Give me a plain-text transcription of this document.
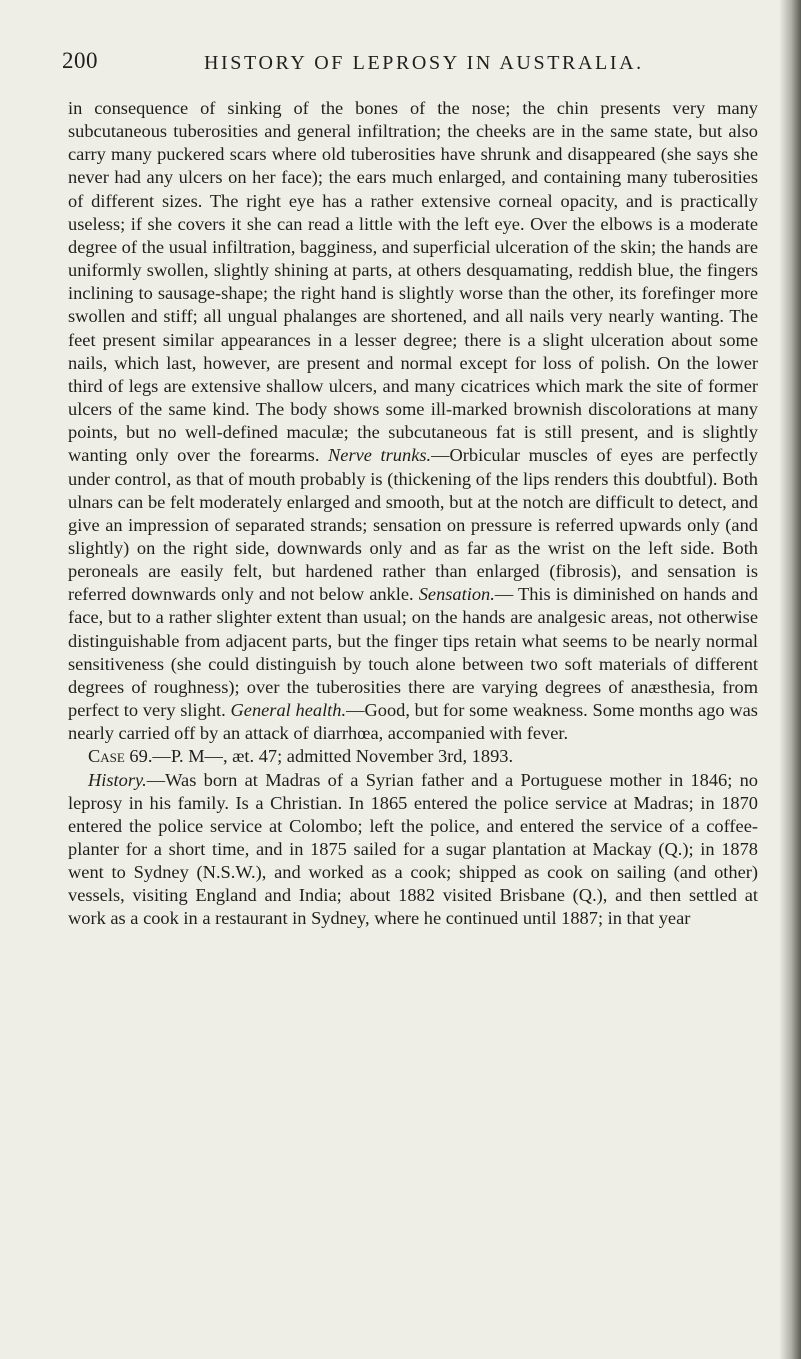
200	HISTORY OF LEPROSY IN AUSTRALIA.

in consequence of sinking of the bones of the nose; the chin presents very many subcutaneous tuberosities and general infiltration; the cheeks are in the same state, but also carry many puckered scars where old tuberosities have shrunk and disappeared (she says she never had any ulcers on her face); the ears much enlarged, and containing many tuberosities of different sizes. The right eye has a rather extensive corneal opacity, and is practically useless; if she covers it she can read a little with the left eye. Over the elbows is a moderate degree of the usual infiltration, bagginess, and superficial ulceration of the skin; the hands are uniformly swollen, slightly shining at parts, at others desquamating, reddish blue, the fingers inclining to sausage-shape; the right hand is slightly worse than the other, its forefinger more swollen and stiff; all ungual phalanges are shortened, and all nails very nearly wanting. The feet present similar appearances in a lesser degree; there is a slight ulceration about some nails, which last, however, are present and normal except for loss of polish. On the lower third of legs are extensive shallow ulcers, and many cicatrices which mark the site of former ulcers of the same kind. The body shows some ill-marked brownish discolorations at many points, but no well-defined maculæ; the subcutaneous fat is still present, and is slightly wanting only over the forearms. Nerve trunks.—Orbicular muscles of eyes are perfectly under control, as that of mouth probably is (thickening of the lips renders this doubtful). Both ulnars can be felt moderately enlarged and smooth, but at the notch are difficult to detect, and give an impression of separated strands; sensation on pressure is referred upwards only (and slightly) on the right side, downwards only and as far as the wrist on the left side. Both peroneals are easily felt, but hardened rather than enlarged (fibrosis), and sensation is referred downwards only and not below ankle. Sensation.— This is diminished on hands and face, but to a rather slighter extent than usual; on the hands are analgesic areas, not otherwise distinguishable from adjacent parts, but the finger tips retain what seems to be nearly normal sensitiveness (she could distinguish by touch alone between two soft materials of different degrees of roughness); over the tuberosities there are varying degrees of anæsthesia, from perfect to very slight. General health.—Good, but for some weakness. Some months ago was nearly carried off by an attack of diarrhœa, accompanied with fever.

Case 69.—P. M—, æt. 47; admitted November 3rd, 1893.

History.—Was born at Madras of a Syrian father and a Portuguese mother in 1846; no leprosy in his family. Is a Christian. In 1865 entered the police service at Madras; in 1870 entered the police service at Colombo; left the police, and entered the service of a coffee-planter for a short time, and in 1875 sailed for a sugar plantation at Mackay (Q.); in 1878 went to Sydney (N.S.W.), and worked as a cook; shipped as cook on sailing (and other) vessels, visiting England and India; about 1882 visited Brisbane (Q.), and then settled at work as a cook in a restaurant in Sydney, where he continued until 1887; in that year
